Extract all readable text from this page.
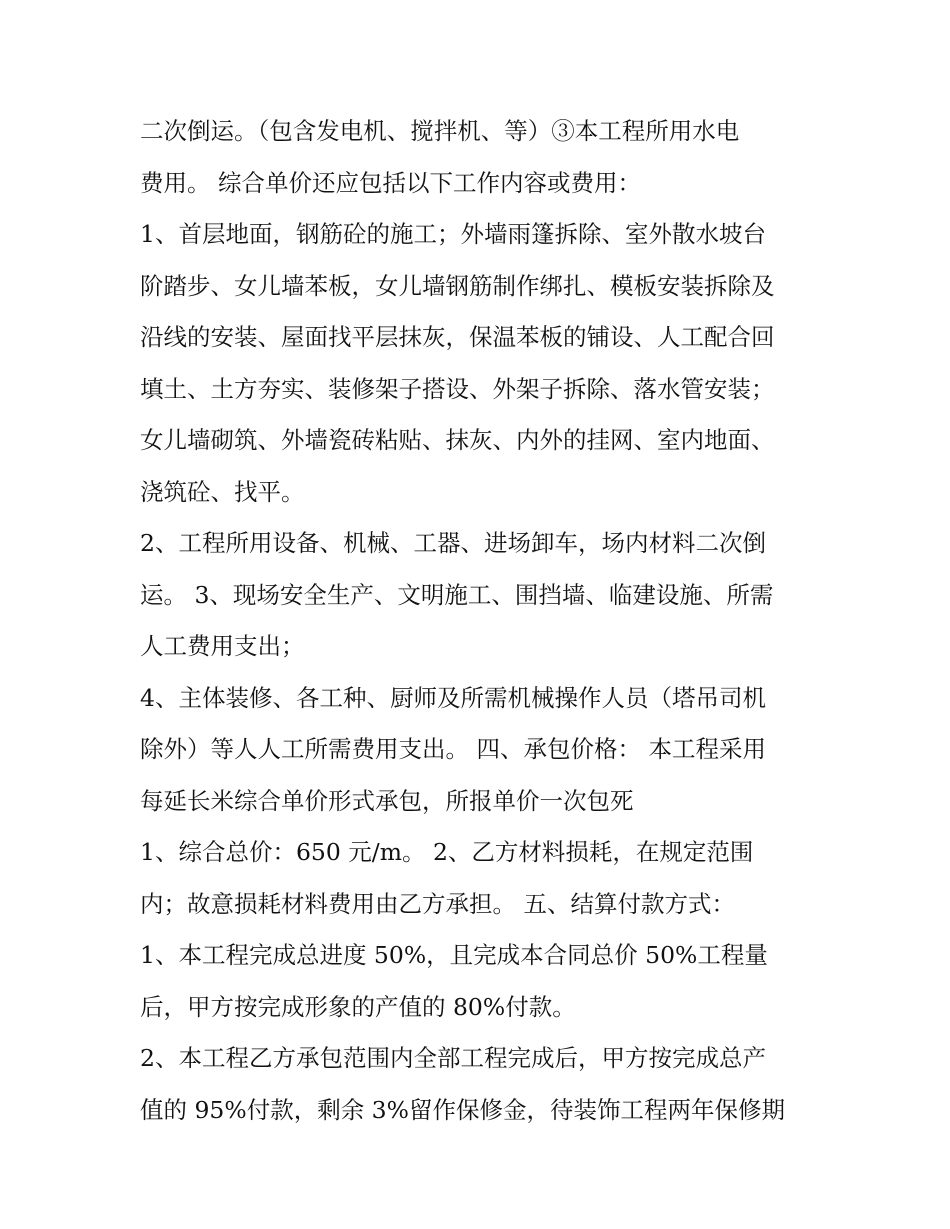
二次倒运。（包含发电机、搅拌机、等）③本工程所用水电
费用。 综合单价还应包括以下工作内容或费用：
1、首层地面，钢筋砼的施工；外墙雨篷拆除、室外散水坡台
阶踏步、女儿墙苯板，女儿墙钢筋制作绑扎、模板安装拆除及
沿线的安装、屋面找平层抹灰，保温苯板的铺设、人工配合回
填土、土方夯实、装修架子搭设、外架子拆除、落水管安装；
女儿墙砌筑、外墙瓷砖粘贴、抹灰、内外的挂网、室内地面、
浇筑砼、找平。
2、工程所用设备、机械、工器、进场卸车，场内材料二次倒
运。 3、现场安全生产、文明施工、围挡墙、临建设施、所需
人工费用支出；
4、主体装修、各工种、厨师及所需机械操作人员（塔吊司机
除外）等人人工所需费用支出。 四、承包价格： 本工程采用
每延长米综合单价形式承包，所报单价一次包死
1、综合总价：650 元/m。 2、乙方材料损耗，在规定范围
内；故意损耗材料费用由乙方承担。 五、结算付款方式：
1、本工程完成总进度 50%，且完成本合同总价 50%工程量
后，甲方按完成形象的产值的 80%付款。
2、本工程乙方承包范围内全部工程完成后，甲方按完成总产
值的 95%付款，剩余 3%留作保修金，待装饰工程两年保修期
